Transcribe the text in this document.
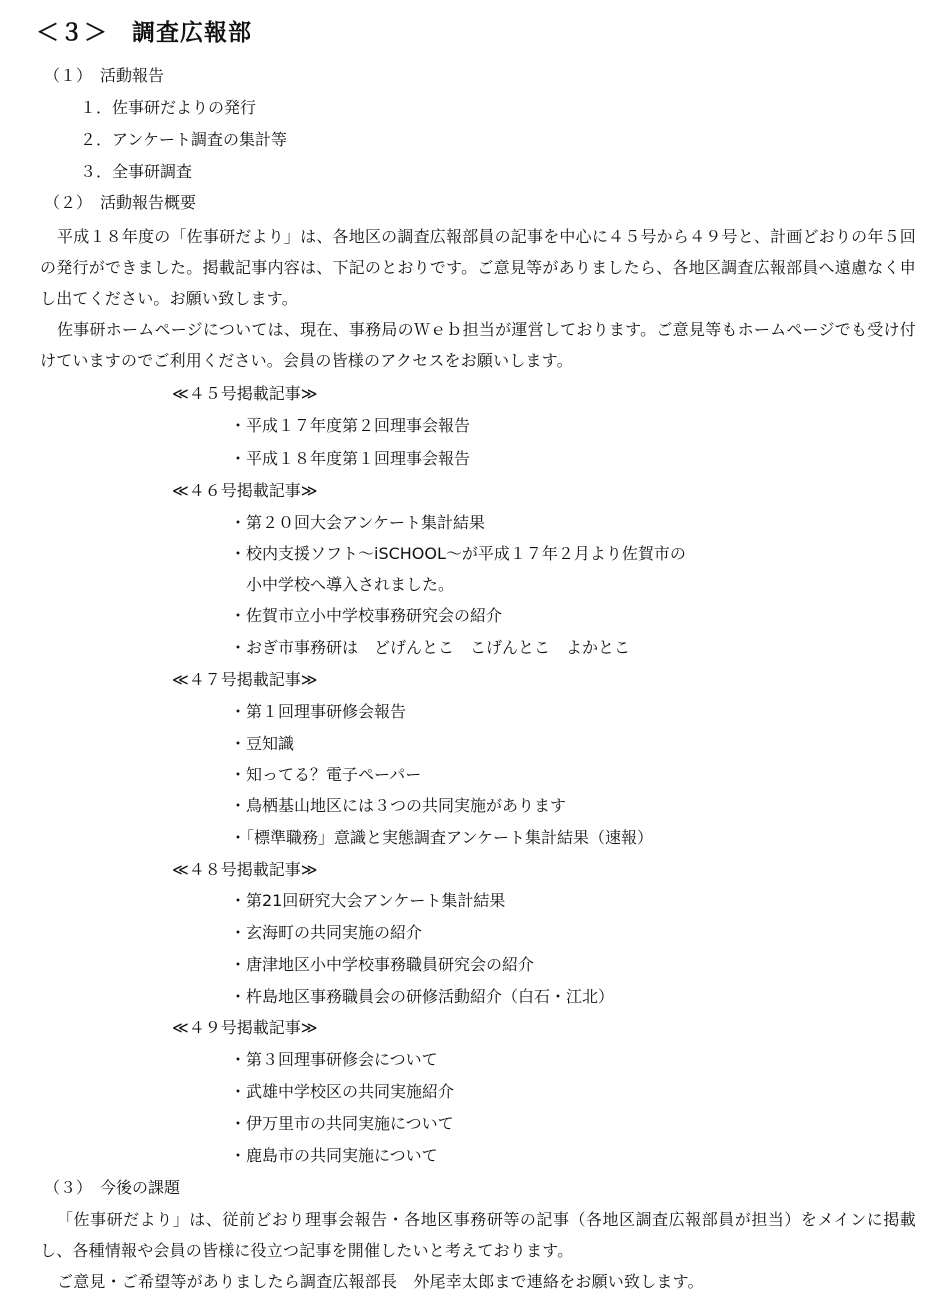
＜３＞　調査広報部
（１）　活動報告
１．佐事研だよりの発行
２．アンケート調査の集計等
３．全事研調査
（２）　活動報告概要
平成１８年度の「佐事研だより」は、各地区の調査広報部員の記事を中心に４５号から４９号と、計画どおりの年５回の発行ができました。掲載記事内容は、下記のとおりです。ご意見等がありましたら、各地区調査広報部員へ遠慮なく申し出てください。お願い致します。
佐事研ホームページについては、現在、事務局のＷｅｂ担当が運営しております。ご意見等もホームページでも受け付けていますのでご利用ください。会員の皆様のアクセスをお願いします。
≪４５号掲載記事≫
・平成１７年度第２回理事会報告
・平成１８年度第１回理事会報告
≪４６号掲載記事≫
・第２０回大会アンケート集計結果
・校内支援ソフト～iSCHOOL～が平成１７年２月より佐賀市の
　小中学校へ導入されました。
・佐賀市立小中学校事務研究会の紹介
・おぎ市事務研は　どげんとこ　こげんとこ　よかとこ
≪４７号掲載記事≫
・第１回理事研修会報告
・豆知識
・知ってる？電子ペーパー
・鳥栖基山地区には３つの共同実施があります
・「標準職務」意識と実態調査アンケート集計結果（速報）
≪４８号掲載記事≫
・第21回研究大会アンケート集計結果
・玄海町の共同実施の紹介
・唐津地区小中学校事務職員研究会の紹介
・杵島地区事務職員会の研修活動紹介（白石・江北）
≪４９号掲載記事≫
・第３回理事研修会について
・武雄中学校区の共同実施紹介
・伊万里市の共同実施について
・鹿島市の共同実施について
（３）　今後の課題
「佐事研だより」は、従前どおり理事会報告・各地区事務研等の記事（各地区調査広報部員が担当）をメインに掲載し、各種情報や会員の皆様に役立つ記事を開催したいと考えております。
ご意見・ご希望等がありましたら調査広報部長　外尾幸太郎まで連絡をお願い致します。
